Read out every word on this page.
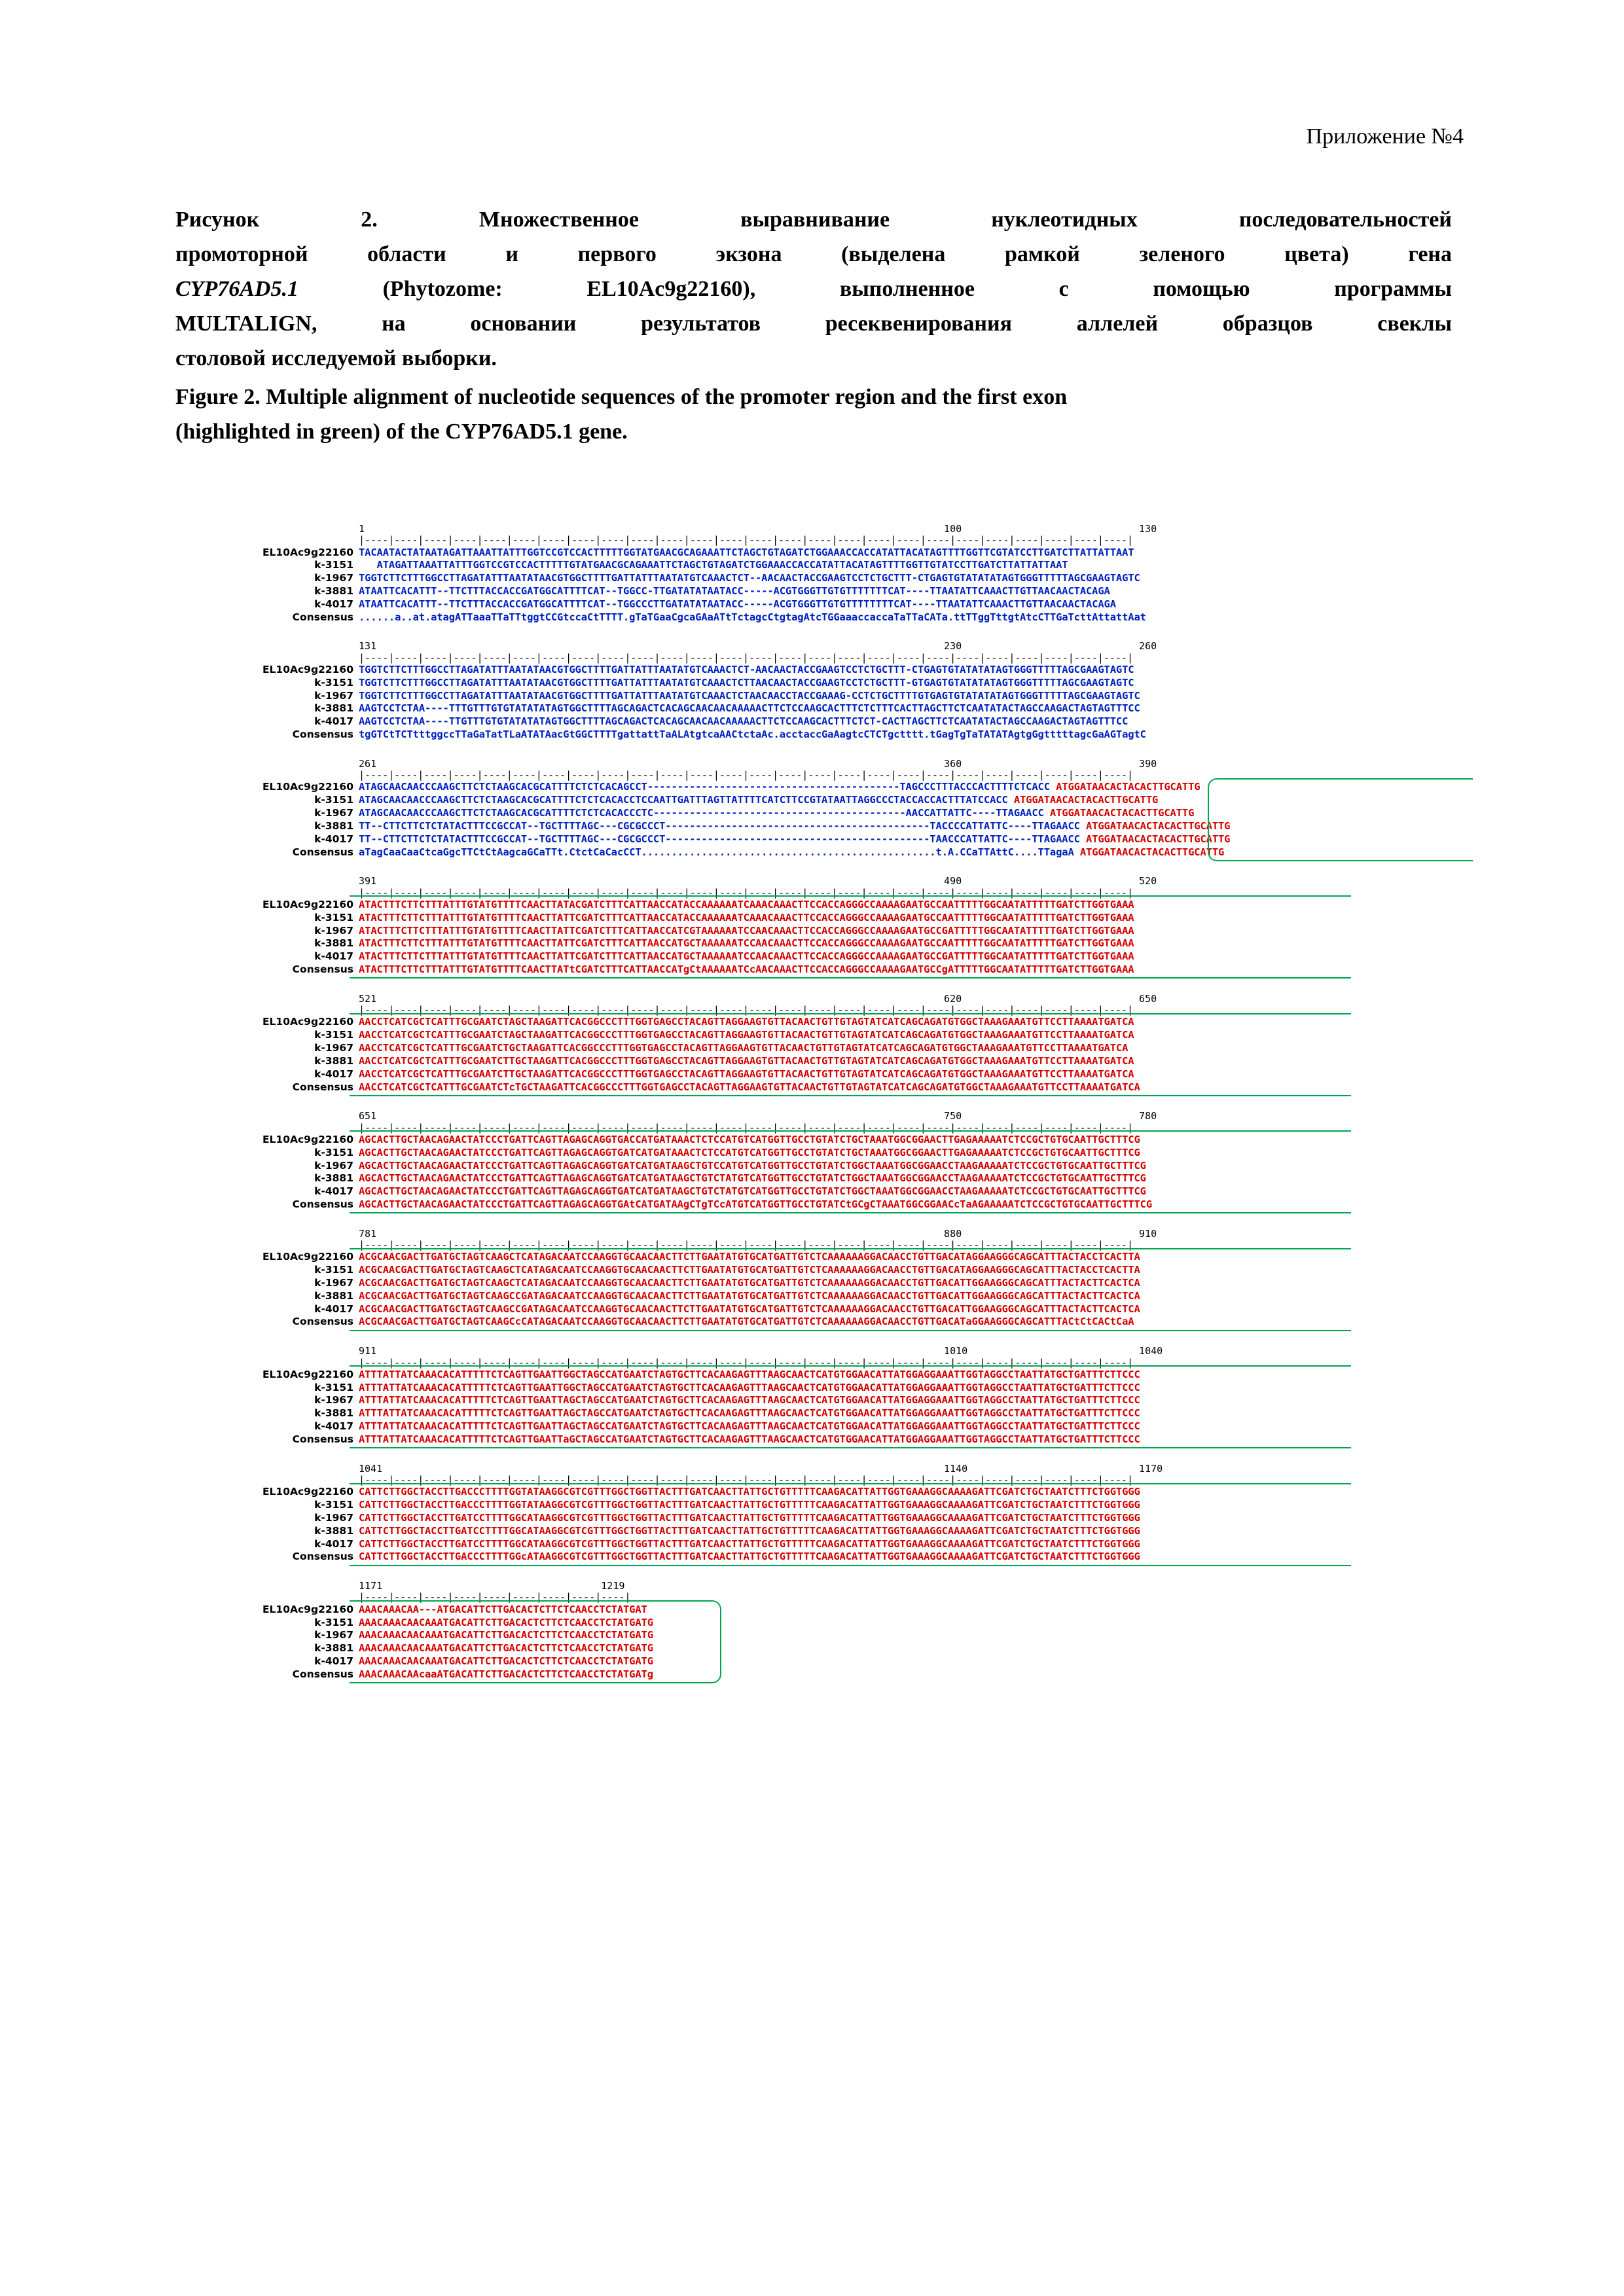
Приложение №4

Рисунок 2. Множественное выравнивание нуклеотидных последовательностей

промоторной области и первого экзона (выделена рамкой зеленого цвета) гена

CYP76AD5.1 (Phytozome: EL10Ac9g22160), выполненное с помощью программы

MULTALIGN, на основании результатов ресеквенирования аллелей образцов свеклы

столовой исследуемой выборки.

Figure 2. Multiple alignment of nucleotide sequences of the promoter region and the first exon

(highlighted in green) of the CYP76AD5.1 gene.

1                                                                                                  100                              130
|----|----|----|----|----|----|----|----|----|----|----|----|----|----|----|----|----|----|----|----|----|----|----|----|----|----|
EL10Ac9g22160 TACAATACTATAATAGATTAAATTATTTGGTCCGTCCACTTTTTGGTATGAACGCAGAAATTCTAGCTGTAGATCTGGAAACCACCATATTACATAGTTTTGGTTCGTATCCTTGATCTTATTATTAAT
k-3151 ATAGATTAAATTATTTGGTCCGTCCACTTTTTGTATGAACGCAGAAATTCTAGCTGTAGATCTGGAAACCACCATATTACATAGTTTTGGTTGTATCCTTGATCTTATTATTAAT
k-1967 TGGTCTTCTTTGGCCTTAGATATTTAATATAACGTGGCTTTTGATTATTTAATATGTCAAACTCT--AACAACTACCGAAGTCCTCTGCTTT-CTGAGTGTATATATAGTGGGTTTTTAGCGAAGTAGTC
k-3881 ATAATTCACATTT--TTCTTTACCACCGATGGCATTTTCAT--TGGCC-TTGATATATAATACC-----ACGTGGGTTGTGTTTTTTTCAT----TTAATATTCAAACTTGTTAACAACTACAGA
k-4017 ATAATTCACATTT--TTCTTTACCACCGATGGCATTTTCAT--TGGCCCTTGATATATAATACC-----ACGTGGGTTGTGTTTTTTTTCAT----TTAATATTCAAACTTGTTAACAACTACAGA
Consensus ......a..at.atagATTaaaTTaTTtggtCCGtccaCtTTTT.gTaTGaaCgcaGAaATtTctagcCtgtagAtcTGGaaaccaccaTaTTaCATa.ttTTggTttgtAtcCTTGaTcttAttattAat
131                                                                                                230                              260
|----|----|----|----|----|----|----|----|----|----|----|----|----|----|----|----|----|----|----|----|----|----|----|----|----|----|
EL10Ac9g22160 TGGTCTTCTTTGGCCTTAGATATTTAATATAACGTGGCTTTTGATTATTTAATATGTCAAACTCT-AACAACTACCGAAGTCCTCTGCTTT-CTGAGTGTATATATAGTGGGTTTTTAGCGAAGTAGTC
k-3151 TGGTCTTCTTTGGCCTTAGATATTTAATATAACGTGGCTTTTGATTATTTAATATGTCAAACTCTTAACAACTACCGAAGTCCTCTGCTTT-GTGAGTGTATATATAGTGGGTTTTTAGCGAAGTAGTC
k-1967 TGGTCTTCTTTGGCCTTAGATATTTAATATAACGTGGCTTTTGATTATTTAATATGTCAAACTCTAACAACCTACCGAAAG-CCTCTGCTTTTGTGAGTGTATATATAGTGGGTTTTTAGCGAAGTAGTC
k-3881 AAGTCCTCTAA----TTTGTTTGTGTATATATAGTGGCTTTTAGCAGACTCACAGCAACAACAAAAACTTCTCCAAGCACTTTCTCTTTCACTTAGCTTCTCAATATACTAGCCAAGACTAGTAGTTTCC
k-4017 AAGTCCTCTAA----TTGTTTGTGTATATATAGTGGCTTTTAGCAGACTCACAGCAACAACAAAAACTTCTCCAAGCACTTTCTCT-CACTTAGCTTCTCAATATACTAGCCAAGACTAGTAGTTTCC
Consensus tgGTCtTCTtttggccTTaGaTatTLaATATAacGtGGCTTTTgattattTaALAtgtcaAACtctaAc.acctaccGaAagtcCTCTgctttt.tGagTgTaTATATAgtgGgtttttagcGaAGTagtC
261                                                                                                360                              390
|----|----|----|----|----|----|----|----|----|----|----|----|----|----|----|----|----|----|----|----|----|----|----|----|----|----|
EL10Ac9g22160 ATAGCAACAACCCAAGCTTCTCTAAGCACGCATTTTCTCTCACAGCCT------------------------------------------TAGCCCTTTACCCACTTTTCTCACC ATGGATAACACTACACTTGCATTG
k-3151 ATAGCAACAACCCAAGCTTCTCTAAGCACGCATTTTCTCTCACACCTCCAATTGATTTAGTTATTTTCATCTTCCGTATAATTAGGCCCTACCACCACTTTATCCACC ATGGATAACACTACACTTGCATTG
k-1967 ATAGCAACAACCCAAGCTTCTCTAAGCACGCATTTTCTCTCACACCCTC------------------------------------------AACCATTATTC----TTAGAACC ATGGATAACACTACACTTGCATTG
k-3881 TT--CTTCTTCTCTATACTTTCCGCCAT--TGCTTTTAGC---CGCGCCCT--------------------------------------------TACCCCATTATTC----TTAGAACC ATGGATAACACTACACTTGCATTG
k-4017 TT--CTTCTTCTCTATACTTTCCGCCAT--TGCTTTTAGC---CGCGCCCT--------------------------------------------TAACCCATTATTC----TTAGAACC ATGGATAACACTACACTTGCATTG
Consensus aTagCaaCaaCtcaGgcTTCtCtAagcaGCaTTt.CtctCaCacCCT.................................................t.A.CCaTTAttC....TTagaA ATGGATAACACTACACTTGCATTG
391                                                                                                490                              520
|----|----|----|----|----|----|----|----|----|----|----|----|----|----|----|----|----|----|----|----|----|----|----|----|----|----|
EL10Ac9g22160 ATACTTTCTTCTTTATTTGTATGTTTTCAACTTATACGATCTTTCATTAACCATACCAAAAAATCAAACAAACTTCCACCAGGGCCAAAAGAATGCCAATTTTTGGCAATATTTTTGATCTTGGTGAAA
k-3151 ATACTTTCTTCTTTATTTGTATGTTTTCAACTTATTCGATCTTTCATTAACCATACCAAAAAATCAAACAAACTTCCACCAGGGCCAAAAGAATGCCAATTTTTGGCAATATTTTTGATCTTGGTGAAA
k-1967 ATACTTTCTTCTTTATTTGTATGTTTTCAACTTATTCGATCTTTCATTAACCATCGTAAAAAATCCAACAAACTTCCACCAGGGCCAAAAGAATGCCGATTTTTGGCAATATTTTTGATCTTGGTGAAA
k-3881 ATACTTTCTTCTTTATTTGTATGTTTTCAACTTATTCGATCTTTCATTAACCATGCTAAAAAATCCAACAAACTTCCACCAGGGCCAAAAGAATGCCAATTTTTGGCAATATTTTTGATCTTGGTGAAA
k-4017 ATACTTTCTTCTTTATTTGTATGTTTTCAACTTATTCGATCTTTCATTAACCATGCTAAAAAATCCAACAAACTTCCACCAGGGCCAAAAGAATGCCGATTTTTGGCAATATTTTTGATCTTGGTGAAA
Consensus ATACTTTCTTCTTTATTTGTATGTTTTCAACTTATtCGATCTTTCATTAACCATgCtAAAAAATCcAACAAACTTCCACCAGGGCCAAAAGAATGCCgATTTTTGGCAATATTTTTGATCTTGGTGAAA
521                                                                                                620                              650
|----|----|----|----|----|----|----|----|----|----|----|----|----|----|----|----|----|----|----|----|----|----|----|----|----|----|
EL10Ac9g22160 AACCTCATCGCTCATTTGCGAATCTAGCTAAGATTCACGGCCCTTTGGTGAGCCTACAGTTAGGAAGTGTTACAACTGTTGTAGTATCATCAGCAGATGTGGCTAAAGAAATGTTCCTTAAAATGATCA
k-3151 AACCTCATCGCTCATTTGCGAATCTAGCTAAGATTCACGGCCCTTTGGTGAGCCTACAGTTAGGAAGTGTTACAACTGTTGTAGTATCATCAGCAGATGTGGCTAAAGAAATGTTCCTTAAAATGATCA
k-1967 AACCTCATCGCTCATTTGCGAATCTGCTAAGATTCACGGCCCTTTGGTGAGCCTACAGTTAGGAAGTGTTACAACTGTTGTAGTATCATCAGCAGATGTGGCTAAAGAAATGTTCCTTAAAATGATCA
k-3881 AACCTCATCGCTCATTTGCGAATCTTGCTAAGATTCACGGCCCTTTGGTGAGCCTACAGTTAGGAAGTGTTACAACTGTTGTAGTATCATCAGCAGATGTGGCTAAAGAAATGTTCCTTAAAATGATCA
k-4017 AACCTCATCGCTCATTTGCGAATCTTGCTAAGATTCACGGCCCTTTGGTGAGCCTACAGTTAGGAAGTGTTACAACTGTTGTAGTATCATCAGCAGATGTGGCTAAAGAAATGTTCCTTAAAATGATCA
Consensus AACCTCATCGCTCATTTGCGAATCTcTGCTAAGATTCACGGCCCTTTGGTGAGCCTACAGTTAGGAAGTGTTACAACTGTTGTAGTATCATCAGCAGATGTGGCTAAAGAAATGTTCCTTAAAATGATCA
651                                                                                                750                              780
|----|----|----|----|----|----|----|----|----|----|----|----|----|----|----|----|----|----|----|----|----|----|----|----|----|----|
EL10Ac9g22160 AGCACTTGCTAACAGAACTATCCCTGATTCAGTTAGAGCAGGTGACCATGATAAACTCTCCATGTCATGGTTGCCTGTATCTGCTAAATGGCGGAACTTGAGAAAAATCTCCGCTGTGCAATTGCTTTCG
k-3151 AGCACTTGCTAACAGAACTATCCCTGATTCAGTTAGAGCAGGTGATCATGATAAACTCTCCATGTCATGGTTGCCTGTATCTGCTAAATGGCGGAACTTGAGAAAAATCTCCGCTGTGCAATTGCTTTCG
k-1967 AGCACTTGCTAACAGAACTATCCCTGATTCAGTTAGAGCAGGTGATCATGATAAGCTGTCCATGTCATGGTTGCCTGTATCTGGCTAAATGGCGGAACCTAAGAAAAATCTCCGCTGTGCAATTGCTTTCG
k-3881 AGCACTTGCTAACAGAACTATCCCTGATTCAGTTAGAGCAGGTGATCATGATAAGCTGTCTATGTCATGGTTGCCTGTATCTGGCTAAATGGCGGAACCTAAGAAAAATCTCCGCTGTGCAATTGCTTTCG
k-4017 AGCACTTGCTAACAGAACTATCCCTGATTCAGTTAGAGCAGGTGATCATGATAAGCTGTCTATGTCATGGTTGCCTGTATCTGGCTAAATGGCGGAACCTAAGAAAAATCTCCGCTGTGCAATTGCTTTCG
Consensus AGCACTTGCTAACAGAACTATCCCTGATTCAGTTAGAGCAGGTGAtCATGATAAgCTgTCcATGTCATGGTTGCCTGTATCtGCgCTAAATGGCGGAACcTaAGAAAAATCTCCGCTGTGCAATTGCTTTCG
781                                                                                                880                              910
|----|----|----|----|----|----|----|----|----|----|----|----|----|----|----|----|----|----|----|----|----|----|----|----|----|----|
EL10Ac9g22160 ACGCAACGACTTGATGCTAGTCAAGCTCATAGACAATCCAAGGTGCAACAACTTCTTGAATATGTGCATGATTGTCTCAAAAAAGGACAACCTGTTGACATAGGAAGGGCAGCATTTACTACCTCACTTA
k-3151 ACGCAACGACTTGATGCTAGTCAAGCTCATAGACAATCCAAGGTGCAACAACTTCTTGAATATGTGCATGATTGTCTCAAAAAAGGACAACCTGTTGACATAGGAAGGGCAGCATTTACTACCTCACTTA
k-1967 ACGCAACGACTTGATGCTAGTCAAGCTCATAGACAATCCAAGGTGCAACAACTTCTTGAATATGTGCATGATTGTCTCAAAAAAGGACAACCTGTTGACATTGGAAGGGCAGCATTTACTACTTCACTCA
k-3881 ACGCAACGACTTGATGCTAGTCAAGCCGATAGACAATCCAAGGTGCAACAACTTCTTGAATATGTGCATGATTGTCTCAAAAAAGGACAACCTGTTGACATTGGAAGGGCAGCATTTACTACTTCACTCA
k-4017 ACGCAACGACTTGATGCTAGTCAAGCCGATAGACAATCCAAGGTGCAACAACTTCTTGAATATGTGCATGATTGTCTCAAAAAAGGACAACCTGTTGACATTGGAAGGGCAGCATTTACTACTTCACTCA
Consensus ACGCAACGACTTGATGCTAGTCAAGCcCATAGACAATCCAAGGTGCAACAACTTCTTGAATATGTGCATGATTGTCTCAAAAAAGGACAACCTGTTGACATaGGAAGGGCAGCATTTACtCtCACtCaA
911                                                                                                1010                             1040
|----|----|----|----|----|----|----|----|----|----|----|----|----|----|----|----|----|----|----|----|----|----|----|----|----|----|
EL10Ac9g22160 ATTTATTATCAAACACATTTTTCTCAGTTGAATTGGCTAGCCATGAATCTAGTGCTTCACAAGAGTTTAAGCAACTCATGTGGAACATTATGGAGGAAATTGGTAGGCCTAATTATGCTGATTTCTTCCC
k-3151 ATTTATTATCAAACACATTTTTCTCAGTTGAATTGGCTAGCCATGAATCTAGTGCTTCACAAGAGTTTAAGCAACTCATGTGGAACATTATGGAGGAAATTGGTAGGCCTAATTATGCTGATTTCTTCCC
k-1967 ATTTATTATCAAACACATTTTTCTCAGTTGAATTAGCTAGCCATGAATCTAGTGCTTCACAAGAGTTTAAGCAACTCATGTGGAACATTATGGAGGAAATTGGTAGGCCTAATTATGCTGATTTCTTCCC
k-3881 ATTTATTATCAAACACATTTTTCTCAGTTGAATTAGCTAGCCATGAATCTAGTGCTTCACAAGAGTTTAAGCAACTCATGTGGAACATTATGGAGGAAATTGGTAGGCCTAATTATGCTGATTTCTTCCC
k-4017 ATTTATTATCAAACACATTTTTCTCAGTTGAATTAGCTAGCCATGAATCTAGTGCTTCACAAGAGTTTAAGCAACTCATGTGGAACATTATGGAGGAAATTGGTAGGCCTAATTATGCTGATTTCTTCCC
Consensus ATTTATTATCAAACACATTTTTCTCAGTTGAATTaGCTAGCCATGAATCTAGTGCTTCACAAGAGTTTAAGCAACTCATGTGGAACATTATGGAGGAAATTGGTAGGCCTAATTATGCTGATTTCTTCCC
1041                                                                                               1140                             1170
|----|----|----|----|----|----|----|----|----|----|----|----|----|----|----|----|----|----|----|----|----|----|----|----|----|----|
EL10Ac9g22160 CATTCTTGGCTACCTTGACCCTTTTGGTATAAGGCGTCGTTTGGCTGGTTACTTTGATCAACTTATTGCTGTTTTTCAAGACATTATTGGTGAAAGGCAAAAGATTCGATCTGCTAATCTTTCTGGTGGG
k-3151 CATTCTTGGCTACCTTGACCCTTTTGGTATAAGGCGTCGTTTGGCTGGTTACTTTGATCAACTTATTGCTGTTTTTCAAGACATTATTGGTGAAAGGCAAAAGATTCGATCTGCTAATCTTTCTGGTGGG
k-1967 CATTCTTGGCTACCTTGATCCTTTTGGCATAAGGCGTCGTTTGGCTGGTTACTTTGATCAACTTATTGCTGTTTTTCAAGACATTATTGGTGAAAGGCAAAAGATTCGATCTGCTAATCTTTCTGGTGGG
k-3881 CATTCTTGGCTACCTTGATCCTTTTGGCATAAGGCGTCGTTTGGCTGGTTACTTTGATCAACTTATTGCTGTTTTTCAAGACATTATTGGTGAAAGGCAAAAGATTCGATCTGCTAATCTTTCTGGTGGG
k-4017 CATTCTTGGCTACCTTGATCCTTTTGGCATAAGGCGTCGTTTGGCTGGTTACTTTGATCAACTTATTGCTGTTTTTCAAGACATTATTGGTGAAAGGCAAAAGATTCGATCTGCTAATCTTTCTGGTGGG
Consensus CATTCTTGGCTACCTTGACCCTTTTGGcATAAGGCGTCGTTTGGCTGGTTACTTTGATCAACTTATTGCTGTTTTTCAAGACATTATTGGTGAAAGGCAAAAGATTCGATCTGCTAATCTTTCTGGTGGG
1171                                     1219
|----|----|----|----|----|----|----|----|----|
EL10Ac9g22160 AAACAAACAA---ATGACATTCTTGACACTCTTCTCAACCTCTATGAT
k-3151 AAACAAACAACAAATGACATTCTTGACACTCTTCTCAACCTCTATGATG
k-1967 AAACAAACAACAAATGACATTCTTGACACTCTTCTCAACCTCTATGATG
k-3881 AAACAAACAACAAATGACATTCTTGACACTCTTCTCAACCTCTATGATG
k-4017 AAACAAACAACAAATGACATTCTTGACACTCTTCTCAACCTCTATGATG
Consensus AAACAAACAAcaaATGACATTCTTGACACTCTTCTCAACCTCTATGATg
